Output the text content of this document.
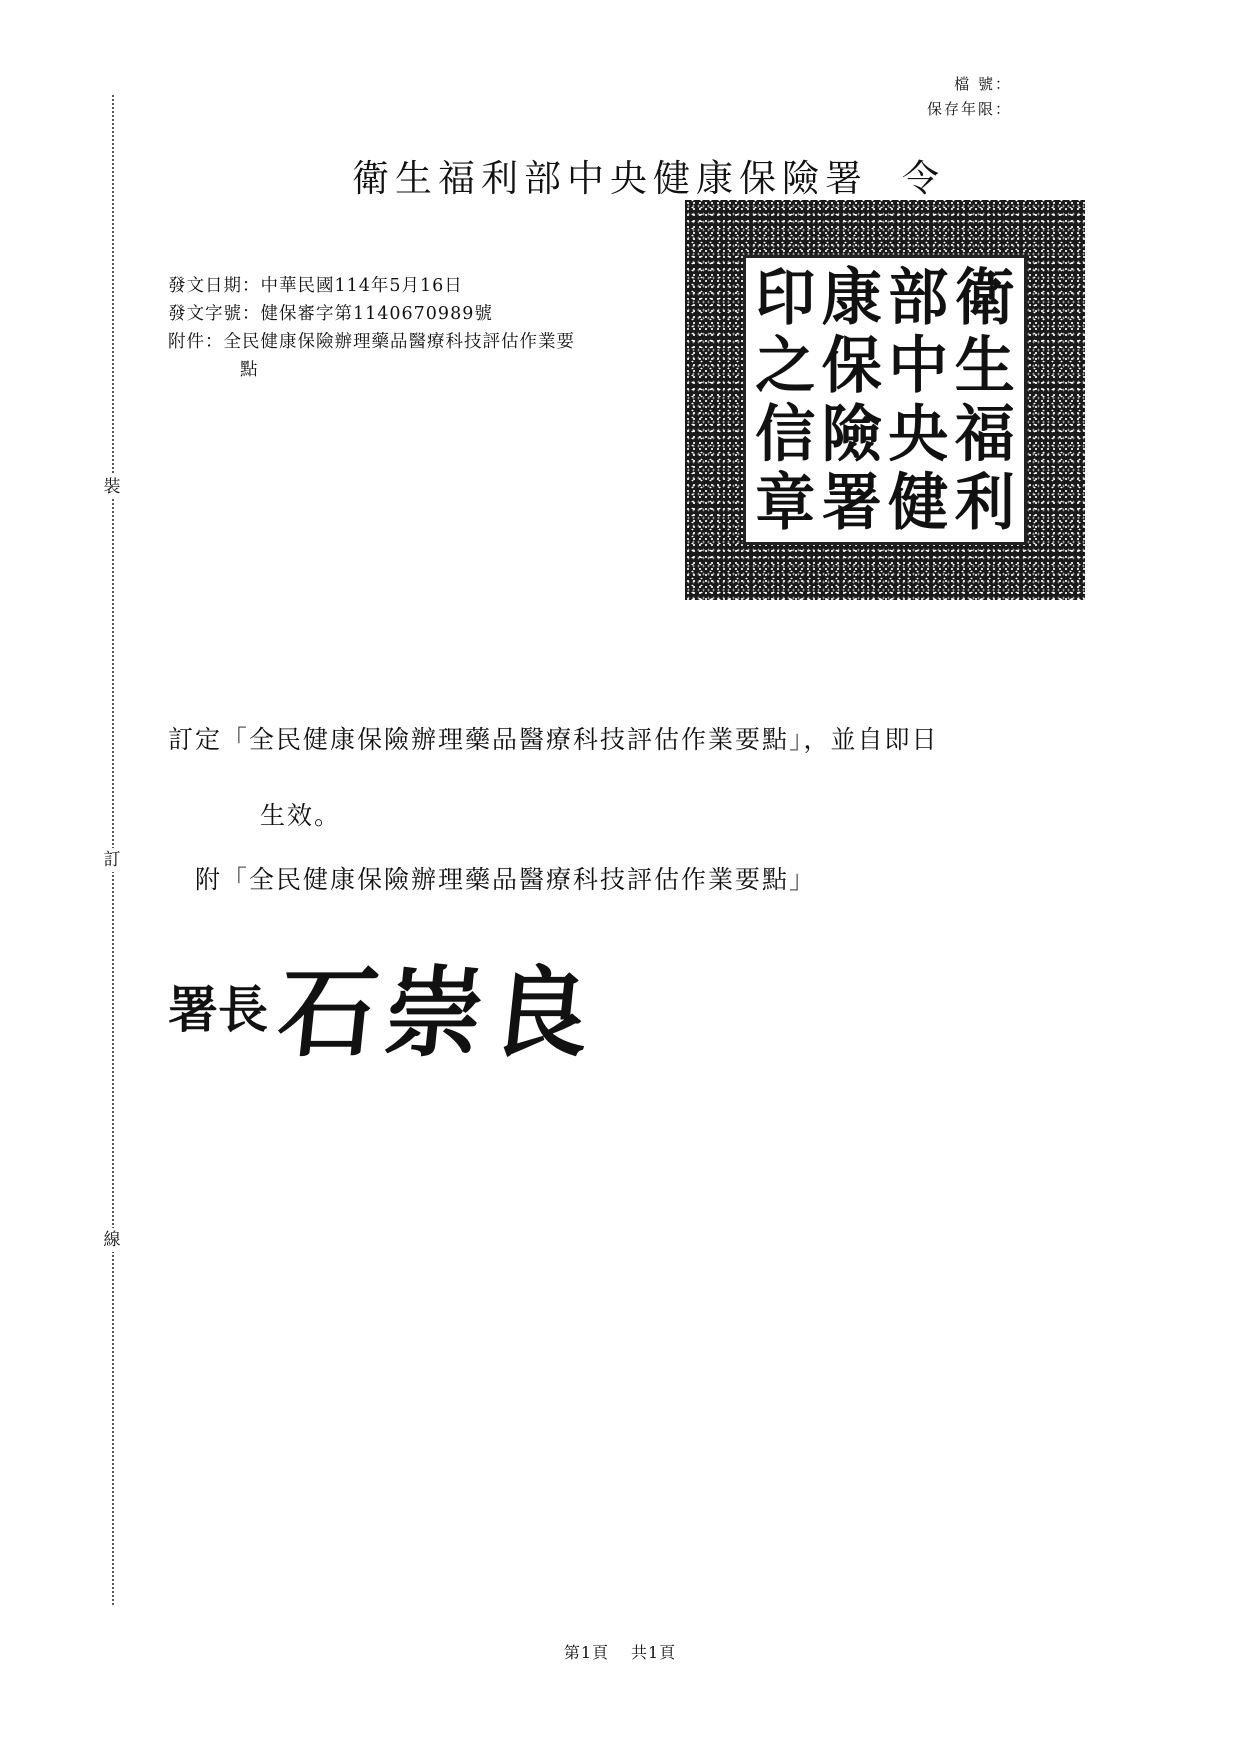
裝
訂
線
檔 號：
保存年限：
衛生福利部中央健康保險署 令
衛
生
福
利
部
中
央
健
康
保
險
署
印
之
信
章
發文日期：中華民國114年5月16日
發文字號：健保審字第1140670989號
附件：全民健康保險辦理藥品醫療科技評估作業要
點
訂定「全民健康保險辦理藥品醫療科技評估作業要點」，並自即日
生效。
附「全民健康保險辦理藥品醫療科技評估作業要點」
署長石崇良
第1頁 共1頁
